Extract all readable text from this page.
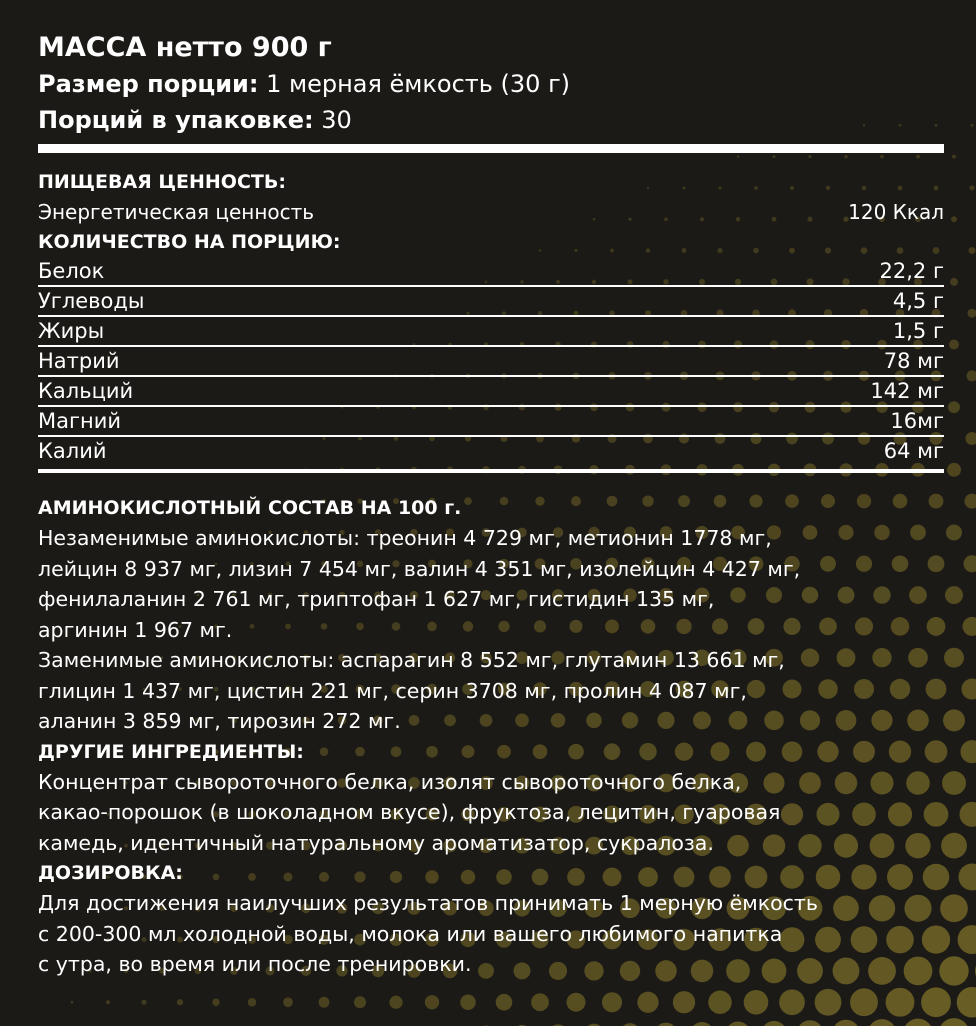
МАССА нетто 900 г
Размер порции: 1 мерная ёмкость (30 г)
Порций в упаковке: 30
ПИЩЕВАЯ ЦЕННОСТЬ:
Энергетическая ценность	120 Ккал
КОЛИЧЕСТВО НА ПОРЦИЮ:
Белок	22,2 г
Углеводы	4,5 г
Жиры	1,5 г
Натрий	78 мг
Кальций	142 мг
Магний	16мг
Калий	64 мг
АМИНОКИСЛОТНЫЙ СОСТАВ НА 100 г.
Незаменимые аминокислоты: треонин 4 729 мг, метионин 1778 мг,
лейцин 8 937 мг, лизин 7 454 мг, валин 4 351 мг, изолейцин 4 427 мг,
фенилаланин 2 761 мг, триптофан 1 627 мг, гистидин 135 мг,
аргинин 1 967 мг.
Заменимые аминокислоты: аспарагин 8 552 мг, глутамин 13 661 мг,
глицин 1 437 мг, цистин 221 мг, серин 3708 мг, пролин 4 087 мг,
аланин 3 859 мг, тирозин 272 мг.
ДРУГИЕ ИНГРЕДИЕНТЫ:
Концентрат сывороточного белка, изолят сывороточного белка,
какао-порошок (в шоколадном вкусе), фруктоза, лецитин, гуаровая
камедь, идентичный натуральному ароматизатор, сукралоза.
ДОЗИРОВКА:
Для достижения наилучших результатов принимать 1 мерную ёмкость
с 200-300 мл холодной воды, молока или вашего любимого напитка
с утра, во время или после тренировки.
